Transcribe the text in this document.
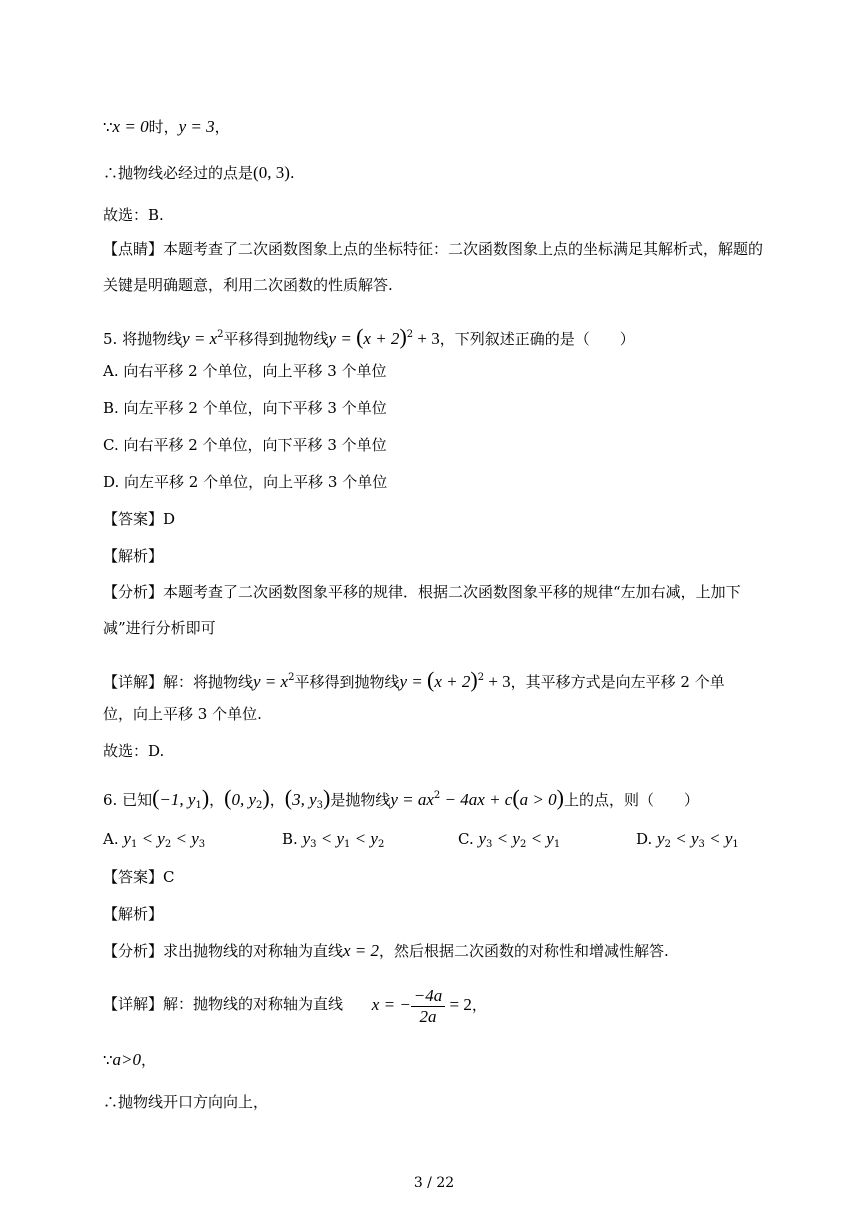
∵x = 0时，y = 3，
∴抛物线必经过的点是(0, 3).
故选：B.
【点睛】本题考查了二次函数图象上点的坐标特征：二次函数图象上点的坐标满足其解析式，解题的关键是明确题意，利用二次函数的性质解答.
5. 将抛物线$y = x^2$平移得到抛物线$y = (x + 2)^2 + 3$，下列叙述正确的是（　　）
A. 向右平移 2 个单位，向上平移 3 个单位
B. 向左平移 2 个单位，向下平移 3 个单位
C. 向右平移 2 个单位，向下平移 3 个单位
D. 向左平移 2 个单位，向上平移 3 个单位
【答案】D
【解析】
【分析】本题考查了二次函数图象平移的规律．根据二次函数图象平移的规律“左加右减，上加下减”进行分析即可
【详解】解：将抛物线$y = x^2$平移得到抛物线$y = (x + 2)^2 + 3$，其平移方式是向左平移 2 个单
位，向上平移 3 个单位.
故选：D.
6. 已知(−1, $y_1$)，(0, $y_2$)，(3, $y_3$)是抛物线$y = ax^2 - 4ax + c(a > 0)$上的点，则（　　）
A. $y_1 < y_2 < y_3$	B. $y_3 < y_1 < y_2$	C. $y_3 < y_2 < y_1$	D. $y_2 < y_3 < y_1$
【答案】C
【解析】
【分析】求出抛物线的对称轴为直线x = 2，然后根据二次函数的对称性和增减性解答.
【详解】解：抛物线的对称轴为直线 x = − $\frac{-4a}{2a} = 2$，
∵a>0，
∴抛物线开口方向向上，
3 / 22
